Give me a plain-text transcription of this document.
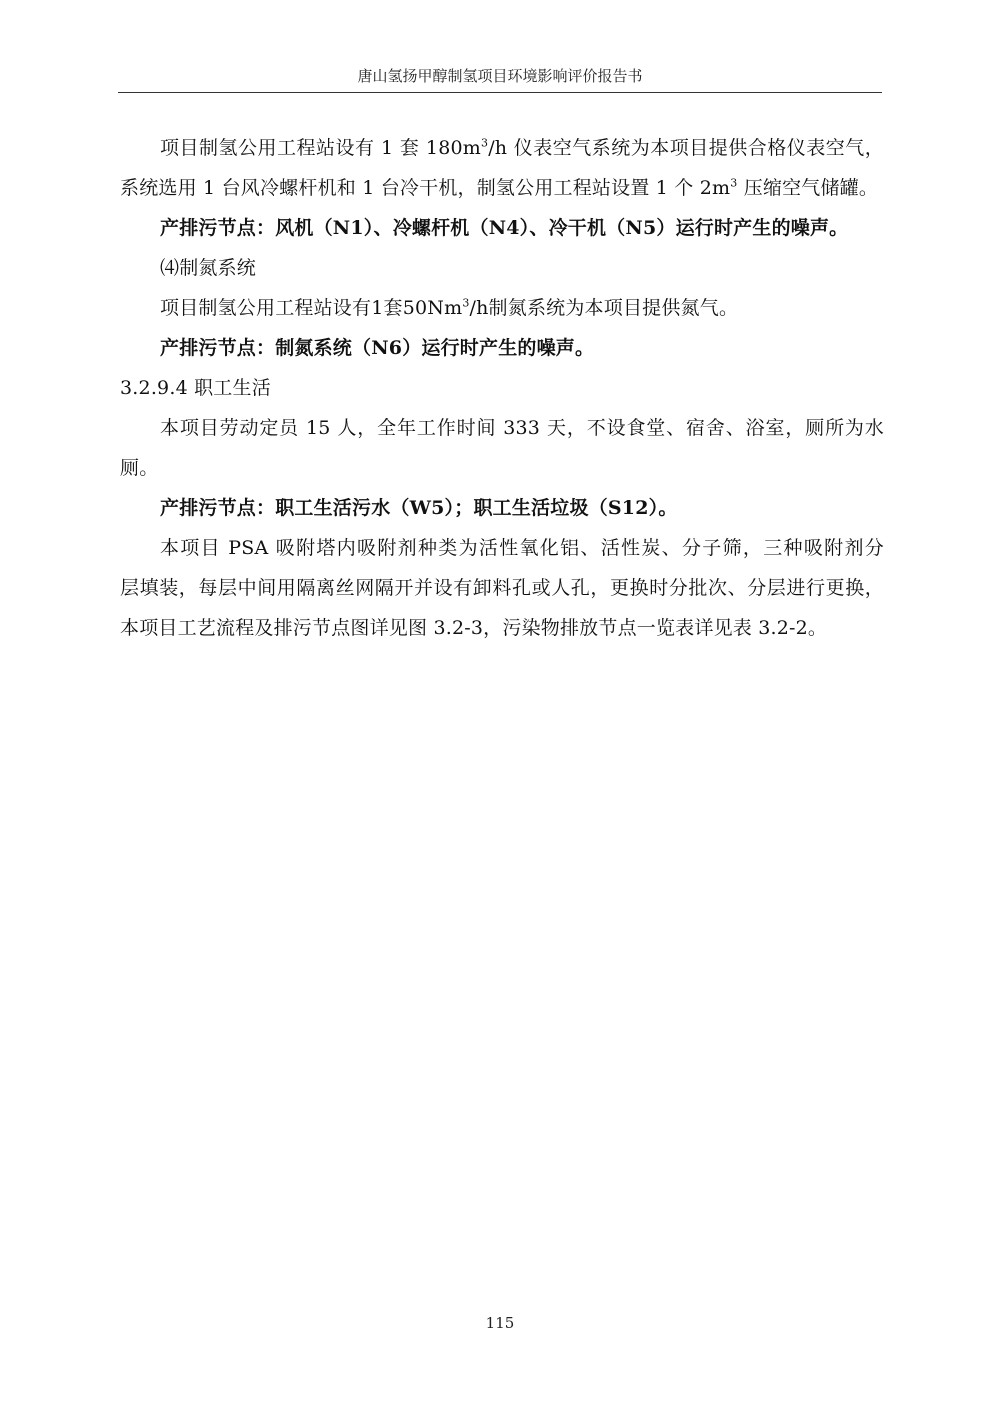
唐山氢扬甲醇制氢项目环境影响评价报告书
项目制氢公用工程站设有 1 套 $180m^3/h$ 仪表空气系统为本项目提供合格仪表空气，
系统选用 1 台风冷螺杆机和 1 台冷干机，制氢公用工程站设置 1 个 $2m^3$ 压缩空气储罐。
产排污节点：风机（N1）、冷螺杆机（N4）、冷干机（N5）运行时产生的噪声。
⑷制氮系统
项目制氢公用工程站设有1套50Nm$^3$/h制氮系统为本项目提供氮气。
产排污节点：制氮系统（N6）运行时产生的噪声。
3.2.9.4 职工生活
本项目劳动定员 15 人，全年工作时间 333 天，不设食堂、宿舍、浴室，厕所为水
厕。
产排污节点：职工生活污水（W5）；职工生活垃圾（S12）。
本项目 PSA 吸附塔内吸附剂种类为活性氧化铝、活性炭、分子筛，三种吸附剂分
层填装，每层中间用隔离丝网隔开并设有卸料孔或人孔，更换时分批次、分层进行更换，
本项目工艺流程及排污节点图详见图 3.2-3，污染物排放节点一览表详见表 3.2-2。
115
